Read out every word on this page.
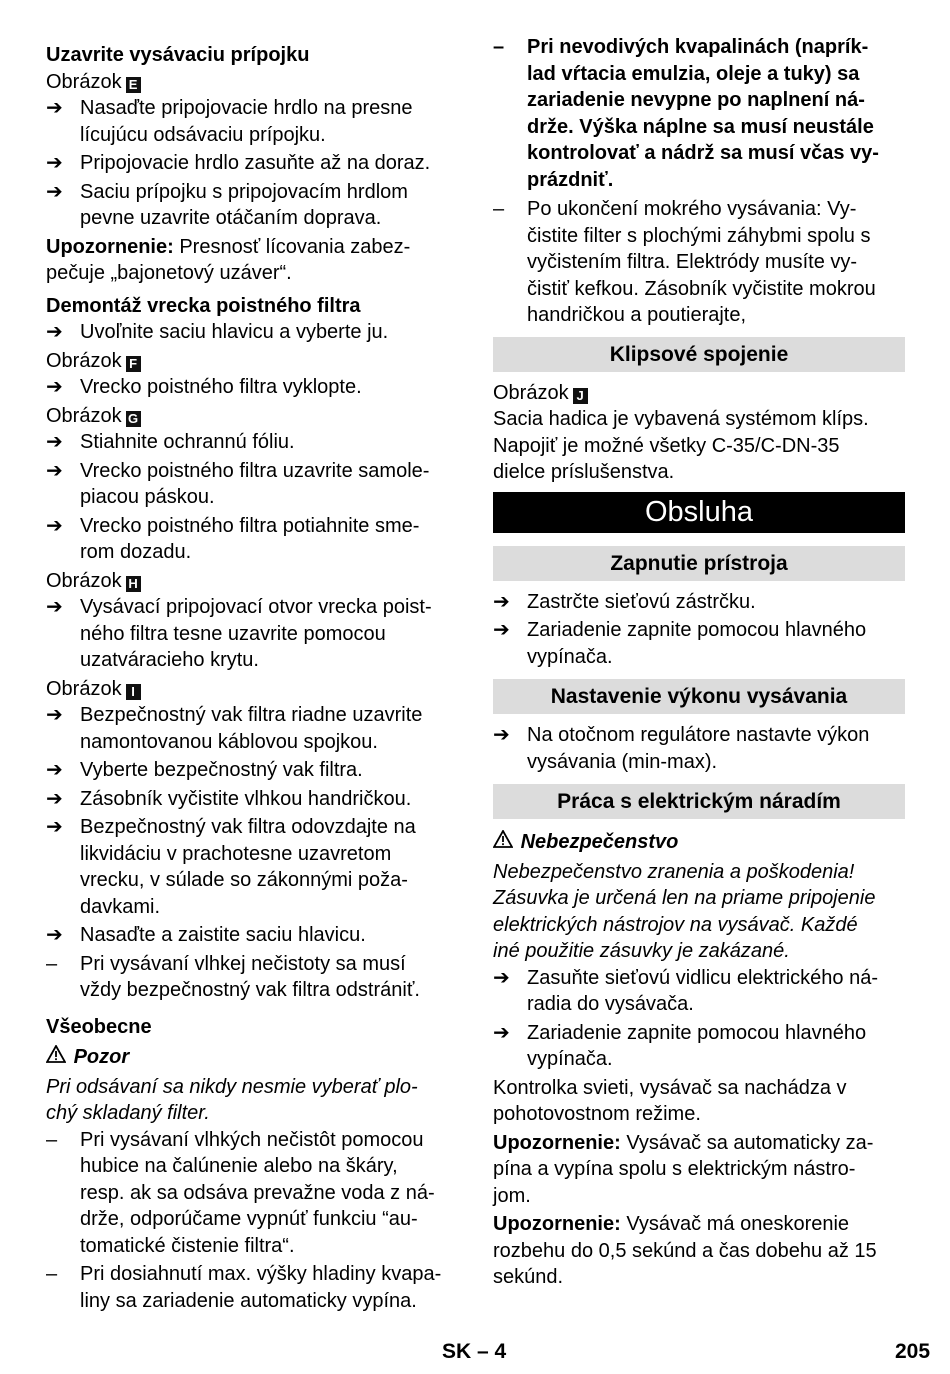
Uzavrite vysávaciu prípojku
Obrázok E
➔ Nasaďte pripojovacie hrdlo na presne
lícujúcu odsávaciu prípojku.
➔ Pripojovacie hrdlo zasuňte až na doraz.
➔ Saciu prípojku s pripojovacím hrdlom
pevne uzavrite otáčaním doprava.
Upozornenie: Presnosť lícovania zabez-
pečuje „bajonetový uzáver“.
Demontáž vrecka poistného filtra
➔ Uvoľnite saciu hlavicu a vyberte ju.
Obrázok F
➔ Vrecko poistného filtra vyklopte.
Obrázok G
➔ Stiahnite ochrannú fóliu.
➔ Vrecko poistného filtra uzavrite samole-
piacou páskou.
➔ Vrecko poistného filtra potiahnite sme-
rom dozadu.
Obrázok H
➔ Vysávací pripojovací otvor vrecka poist-
ného filtra tesne uzavrite pomocou
uzatváracieho krytu.
Obrázok I
➔ Bezpečnostný vak filtra riadne uzavrite
namontovanou káblovou spojkou.
➔ Vyberte bezpečnostný vak filtra.
➔ Zásobník vyčistite vlhkou handričkou.
➔ Bezpečnostný vak filtra odovzdajte na
likvidáciu v prachotesne uzavretom
vrecku, v súlade so zákonnými poža-
davkami.
➔ Nasaďte a zaistite saciu hlavicu.
–	Pri vysávaní vlhkej nečistoty sa musí
vždy bezpečnostný vak filtra odstrániť.
Všeobecne
Pozor
Pri odsávaní sa nikdy nesmie vyberať plo-
chý skladaný filter.
–	Pri vysávaní vlhkých nečistôt pomocou
hubice na čalúnenie alebo na škáry,
resp. ak sa odsáva prevažne voda z ná-
drže, odporúčame vypnúť funkciu “au-
tomatické čistenie filtra“.
–	Pri dosiahnutí max. výšky hladiny kvapa-
liny sa zariadenie automaticky vypína.
–	Pri nevodivých kvapalinách (naprík-
lad vŕtacia emulzia, oleje a tuky) sa
zariadenie nevypne po naplnení ná-
drže. Výška náplne sa musí neustále
kontrolovať a nádrž sa musí včas vy-
prázdniť.
–	Po ukončení mokrého vysávania: Vy-
čistite filter s plochými záhybmi spolu s
vyčistením filtra. Elektródy musíte vy-
čistiť kefkou. Zásobník vyčistite mokrou
handričkou a poutierajte,
Klipsové spojenie
Obrázok J
Sacia hadica je vybavená systémom klíps.
Napojiť je možné všetky C-35/C-DN-35
dielce príslušenstva.
Obsluha
Zapnutie prístroja
➔ Zastrčte sieťovú zástrčku.
➔ Zariadenie zapnite pomocou hlavného
vypínača.
Nastavenie výkonu vysávania
➔ Na otočnom regulátore nastavte výkon
vysávania (min-max).
Práca s elektrickým náradím
Nebezpečenstvo
Nebezpečenstvo zranenia a poškodenia!
Zásuvka je určená len na priame pripojenie
elektrických nástrojov na vysávač. Každé
iné použitie zásuvky je zakázané.
➔ Zasuňte sieťovú vidlicu elektrického ná-
radia do vysávača.
➔ Zariadenie zapnite pomocou hlavného
vypínača.
Kontrolka svieti, vysávač sa nachádza v
pohotovostnom režime.
Upozornenie: Vysávač sa automaticky za-
pína a vypína spolu s elektrickým nástro-
jom.
Upozornenie: Vysávač má oneskorenie
rozbehu do 0,5 sekúnd a čas dobehu až 15
sekúnd.
SK – 4	205
